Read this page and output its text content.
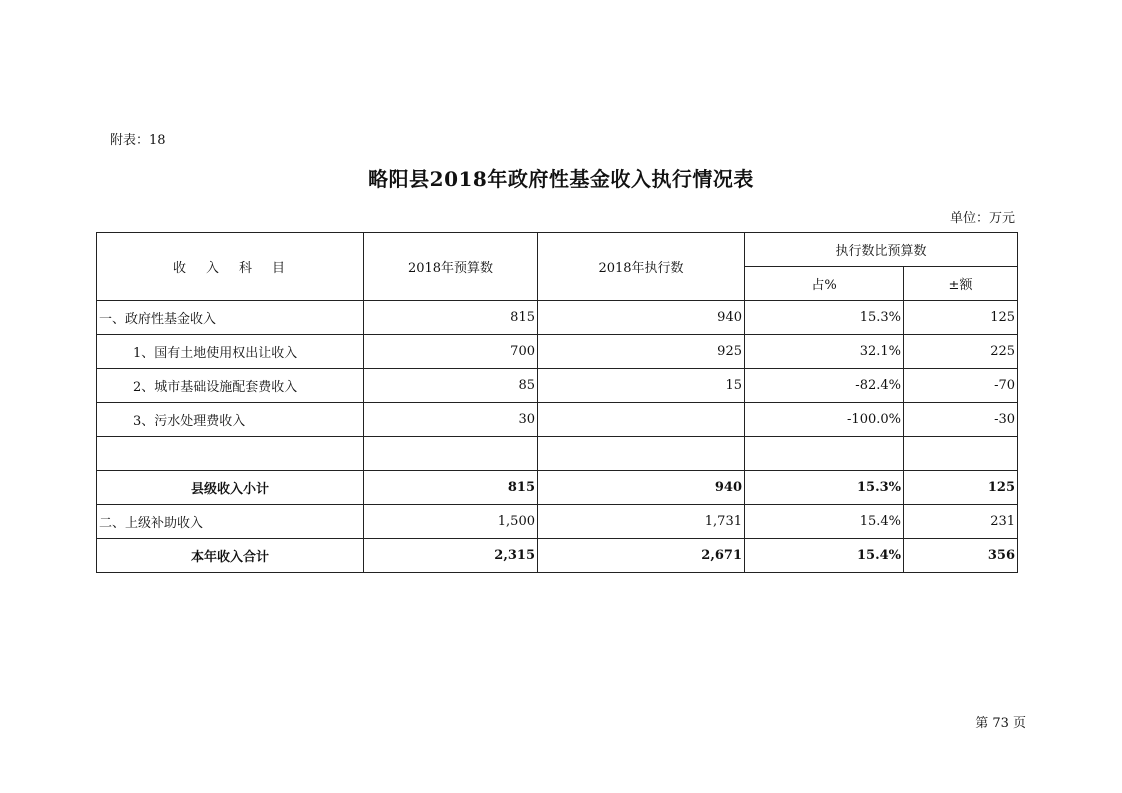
附表：18
略阳县2018年政府性基金收入执行情况表
单位：万元
收入科目	2018年预算数	2018年执行数	执行数比预算数	
			占%	±额
一、政府性基金收入	815	940	15.3%	125
1、国有土地使用权出让收入	700	925	32.1%	225
2、城市基础设施配套费收入	85	15	-82.4%	-70
3、污水处理费收入	30		-100.0%	-30

县级收入小计	815	940	15.3%	125
二、上级补助收入	1,500	1,731	15.4%	231
本年收入合计	2,315	2,671	15.4%	356
第 73 页
